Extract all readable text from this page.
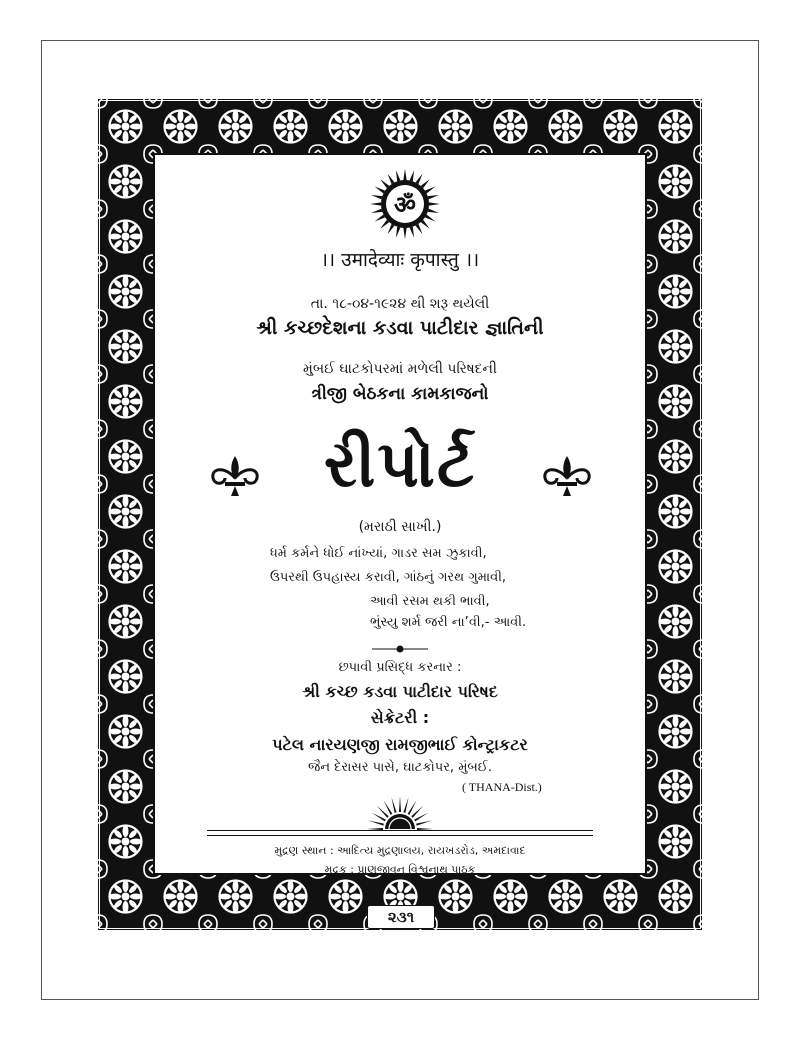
ॐ
।। उमादेव्याः कृपास्तु ।।
તા. ૧૮-૦૪-૧૯૨૪ થી શરૂ થયેલી
શ્રી કચ્છદેશના કડવા પાટીદાર જ્ઞાતિની
મુંબઈ ઘાટકોપરમાં મળેલી પરિષદની
ત્રીજી બેઠકના કામકાજનો
રીપોર્ટ
(મરાઠી સાખી.)
ધર્મ કર્મને ધોઈ નાંખ્યાં, ગાડર સમ ઝુકાવી,
ઉપરથી ઉપહાસ્ય કરાવી, ગાંઠનું ગરથ ગુમાવી,
આવી રસમ થકી ભાવી,
ભુંસ્યુ શર્મ જરી ના’વી,- આવી.
છપાવી પ્રસિદ્ધ કરનાર :
શ્રી કચ્છ કડવા પાટીદાર પરિષદ
સેક્રેટરી :
પટેલ નારયણજી રામજીભાઈ કોન્ટ્રાકટર
જૈન દેરાસર પાસે, ઘાટકોપર, મુંબઈ.
( THANA-Dist.)
મુદ્રણ સ્થાન : આદિત્ય મુદ્રણાલય, રાયખડરોડ, અમદાવાદ
મુદ્રક : પ્રાણજીવન વિશ્વનાથ પાઠક
૨૩૧
